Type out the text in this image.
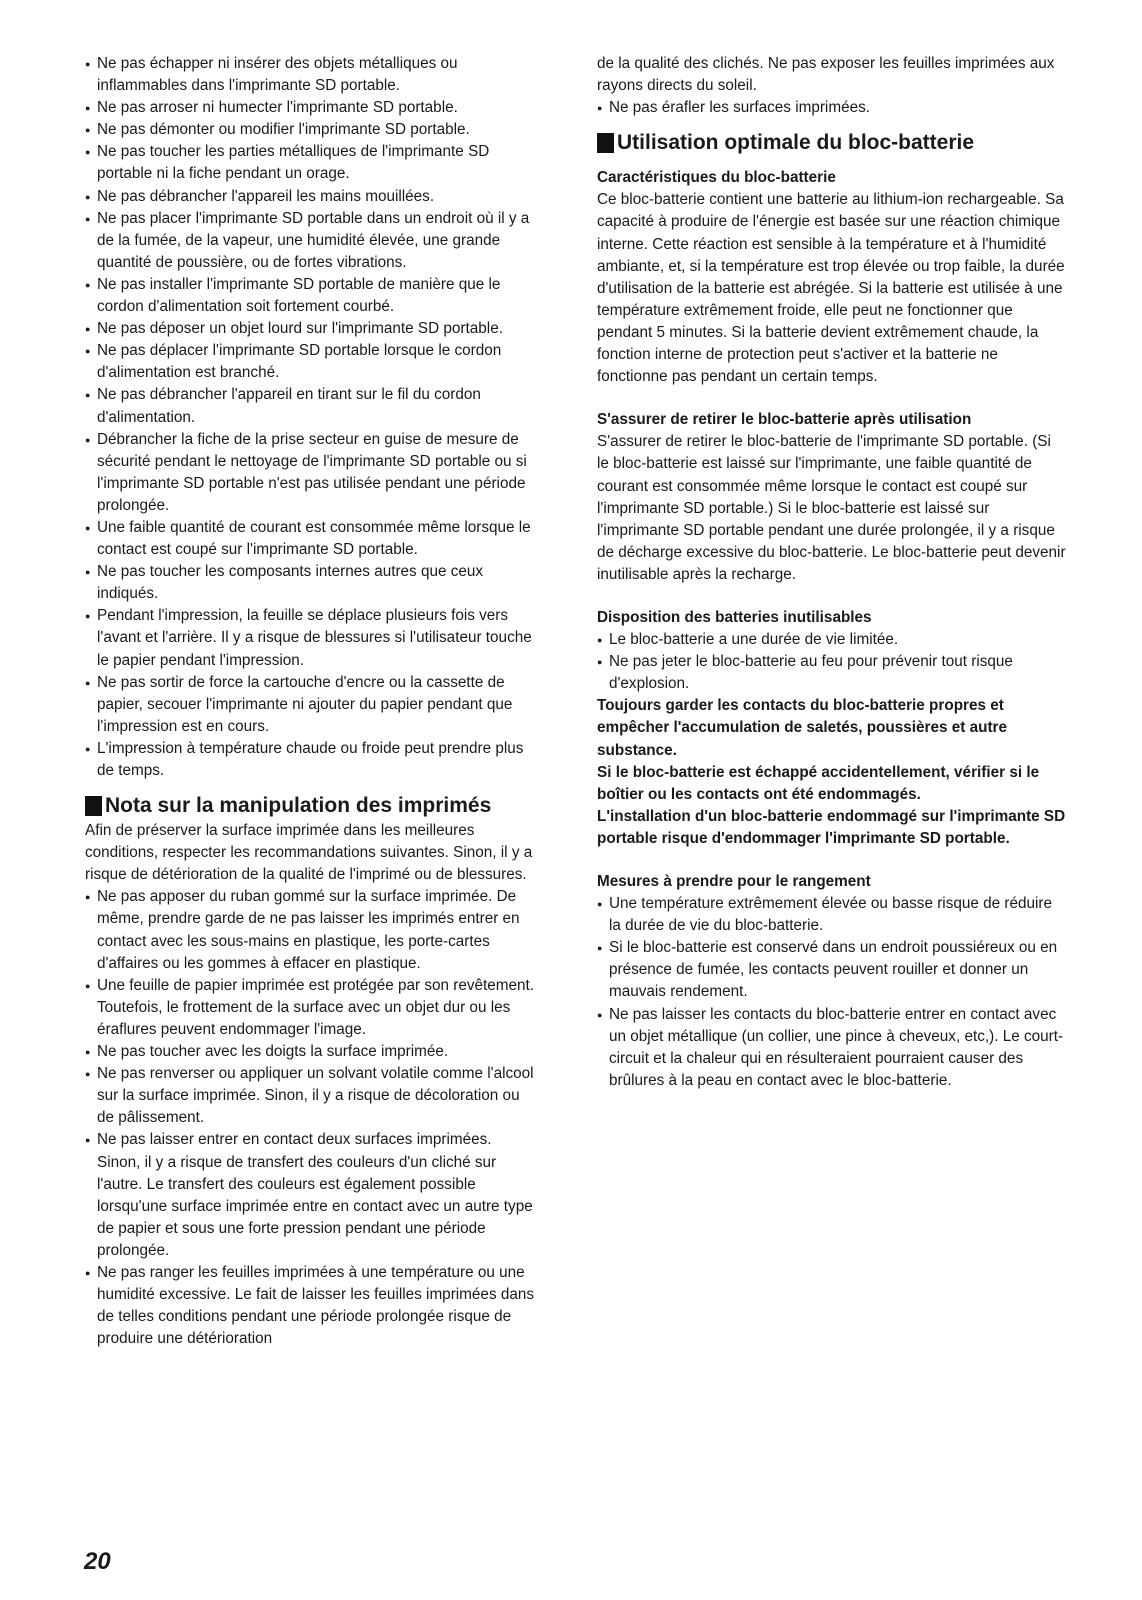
● Ne pas échapper ni insérer des objets métalliques ou inflammables dans l'imprimante SD portable.
● Ne pas arroser ni humecter l'imprimante SD portable.
● Ne pas démonter ou modifier l'imprimante SD portable.
● Ne pas toucher les parties métalliques de l'imprimante SD portable ni la fiche pendant un orage.
● Ne pas débrancher l'appareil les mains mouillées.
● Ne pas placer l'imprimante SD portable dans un endroit où il y a de la fumée, de la vapeur, une humidité élevée, une grande quantité de poussière, ou de fortes vibrations.
● Ne pas installer l'imprimante SD portable de manière que le cordon d'alimentation soit fortement courbé.
● Ne pas déposer un objet lourd sur l'imprimante SD portable.
● Ne pas déplacer l'imprimante SD portable lorsque le cordon d'alimentation est branché.
● Ne pas débrancher l'appareil en tirant sur le fil du cordon d'alimentation.
● Débrancher la fiche de la prise secteur en guise de mesure de sécurité pendant le nettoyage de l'imprimante SD portable ou si l'imprimante SD portable n'est pas utilisée pendant une période prolongée.
● Une faible quantité de courant est consommée même lorsque le contact est coupé sur l'imprimante SD portable.
● Ne pas toucher les composants internes autres que ceux indiqués.
● Pendant l'impression, la feuille se déplace plusieurs fois vers l'avant et l'arrière. Il y a risque de blessures si l'utilisateur touche le papier pendant l'impression.
● Ne pas sortir de force la cartouche d'encre ou la cassette de papier, secouer l'imprimante ni ajouter du papier pendant que l'impression est en cours.
● L'impression à température chaude ou froide peut prendre plus de temps.
Nota sur la manipulation des imprimés

Afin de préserver la surface imprimée dans les meilleures conditions, respecter les recommandations suivantes. Sinon, il y a risque de détérioration de la qualité de l'imprimé ou de blessures.

● Ne pas apposer du ruban gommé sur la surface imprimée. De même, prendre garde de ne pas laisser les imprimés entrer en contact avec les sous-mains en plastique, les porte-cartes d'affaires ou les gommes à effacer en plastique.
● Une feuille de papier imprimée est protégée par son revêtement. Toutefois, le frottement de la surface avec un objet dur ou les éraflures peuvent endommager l'image.
● Ne pas toucher avec les doigts la surface imprimée.
● Ne pas renverser ou appliquer un solvant volatile comme l'alcool sur la surface imprimée. Sinon, il y a risque de décoloration ou de pâlissement.
● Ne pas laisser entrer en contact deux surfaces imprimées. Sinon, il y a risque de transfert des couleurs d'un cliché sur l'autre. Le transfert des couleurs est également possible lorsqu'une surface imprimée entre en contact avec un autre type de papier et sous une forte pression pendant une période prolongée.
● Ne pas ranger les feuilles imprimées à une température ou une humidité excessive. Le fait de laisser les feuilles imprimées dans de telles conditions pendant une période prolongée risque de produire une détérioration

de la qualité des clichés. Ne pas exposer les feuilles imprimées aux rayons directs du soleil.

● Ne pas érafler les surfaces imprimées.
Utilisation optimale du bloc-batterie
Caractéristiques du bloc-batterie

Ce bloc-batterie contient une batterie au lithium-ion rechargeable. Sa capacité à produire de l'énergie est basée sur une réaction chimique interne. Cette réaction est sensible à la température et à l'humidité ambiante, et, si la température est trop élevée ou trop faible, la durée d'utilisation de la batterie est abrégée. Si la batterie est utilisée à une température extrêmement froide, elle peut ne fonctionner que pendant 5 minutes. Si la batterie devient extrêmement chaude, la fonction interne de protection peut s'activer et la batterie ne fonctionne pas pendant un certain temps.

S'assurer de retirer le bloc-batterie après utilisation

S'assurer de retirer le bloc-batterie de l'imprimante SD portable. (Si le bloc-batterie est laissé sur l'imprimante, une faible quantité de courant est consommée même lorsque le contact est coupé sur l'imprimante SD portable.) Si le bloc-batterie est laissé sur l'imprimante SD portable pendant une durée prolongée, il y a risque de décharge excessive du bloc-batterie. Le bloc-batterie peut devenir inutilisable après la recharge.

Disposition des batteries inutilisables
● Le bloc-batterie a une durée de vie limitée.
● Ne pas jeter le bloc-batterie au feu pour prévenir tout risque d'explosion.

Toujours garder les contacts du bloc-batterie propres et empêcher l'accumulation de saletés, poussières et autre substance.

Si le bloc-batterie est échappé accidentellement, vérifier si le boîtier ou les contacts ont été endommagés.

L'installation d'un bloc-batterie endommagé sur l'imprimante SD portable risque d'endommager l'imprimante SD portable.

Mesures à prendre pour le rangement
● Une température extrêmement élevée ou basse risque de réduire la durée de vie du bloc-batterie.
● Si le bloc-batterie est conservé dans un endroit poussiéreux ou en présence de fumée, les contacts peuvent rouiller et donner un mauvais rendement.
● Ne pas laisser les contacts du bloc-batterie entrer en contact avec un objet métallique (un collier, une pince à cheveux, etc,). Le court-circuit et la chaleur qui en résulteraient pourraient causer des brûlures à la peau en contact avec le bloc-batterie.
20
